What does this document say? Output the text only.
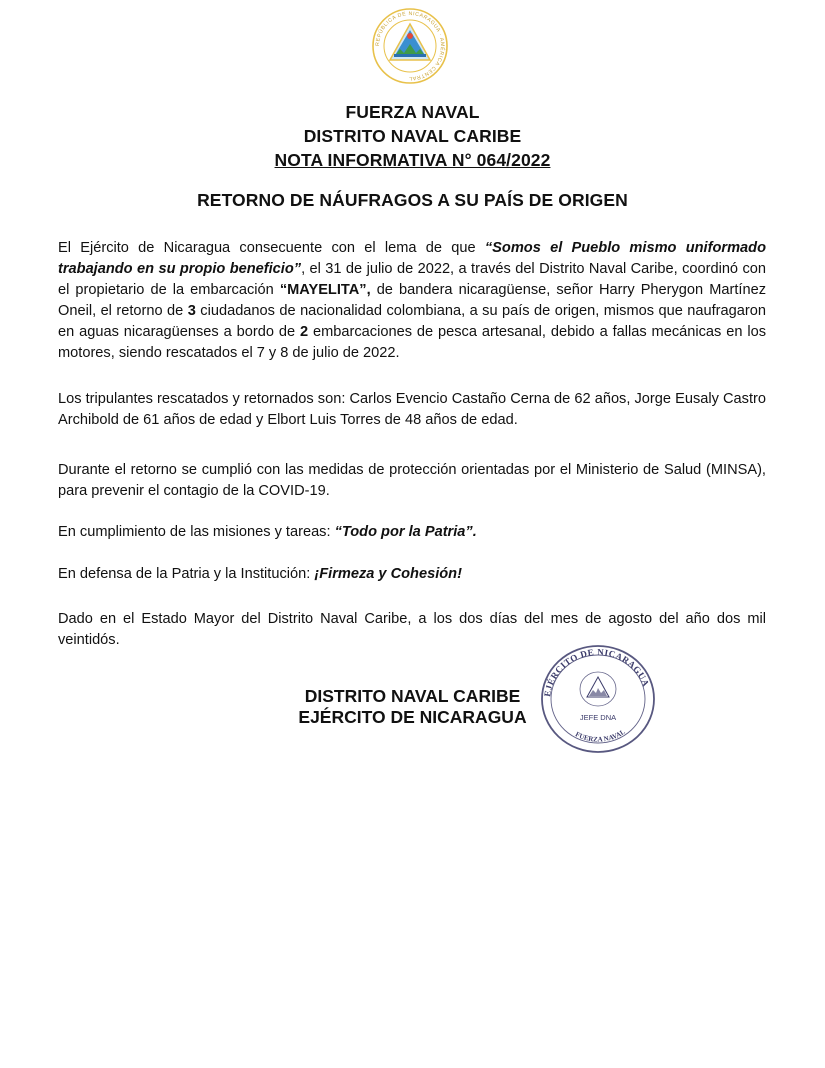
REPÚBLICA DE NICARAGUA · AMÉRICA CENTRAL
FUERZA NAVAL
DISTRITO NAVAL CARIBE
NOTA INFORMATIVA N° 064/2022
RETORNO DE NÁUFRAGOS A SU PAÍS DE ORIGEN
El Ejército de Nicaragua consecuente con el lema de que “Somos el Pueblo mismo uniformado trabajando en su propio beneficio”, el 31 de julio de 2022, a través del Distrito Naval Caribe, coordinó con el propietario de la embarcación “MAYELITA”, de bandera nicaragüense, señor Harry Pherygon Martínez Oneil, el retorno de 3 ciudadanos de nacionalidad colombiana, a su país de origen, mismos que naufragaron en aguas nicaragüenses a bordo de 2 embarcaciones de pesca artesanal, debido a fallas mecánicas en los motores, siendo rescatados el 7 y 8 de julio de 2022.
Los tripulantes rescatados y retornados son: Carlos Evencio Castaño Cerna de 62 años, Jorge Eusaly Castro Archibold de 61 años de edad y Elbort Luis Torres de 48 años de edad.
Durante el retorno se cumplió con las medidas de protección orientadas por el Ministerio de Salud (MINSA), para prevenir el contagio de la COVID-19.
En cumplimiento de las misiones y tareas: “Todo por la Patria”.
En defensa de la Patria y la Institución: ¡Firmeza y Cohesión!
Dado en el Estado Mayor del Distrito Naval Caribe, a los dos días del mes de agosto del año dos mil veintidós.
DISTRITO NAVAL CARIBE
EJÉRCITO DE NICARAGUA
EJÉRCITO DE NICARAGUA
FUERZA NAVAL
JEFE DNA
